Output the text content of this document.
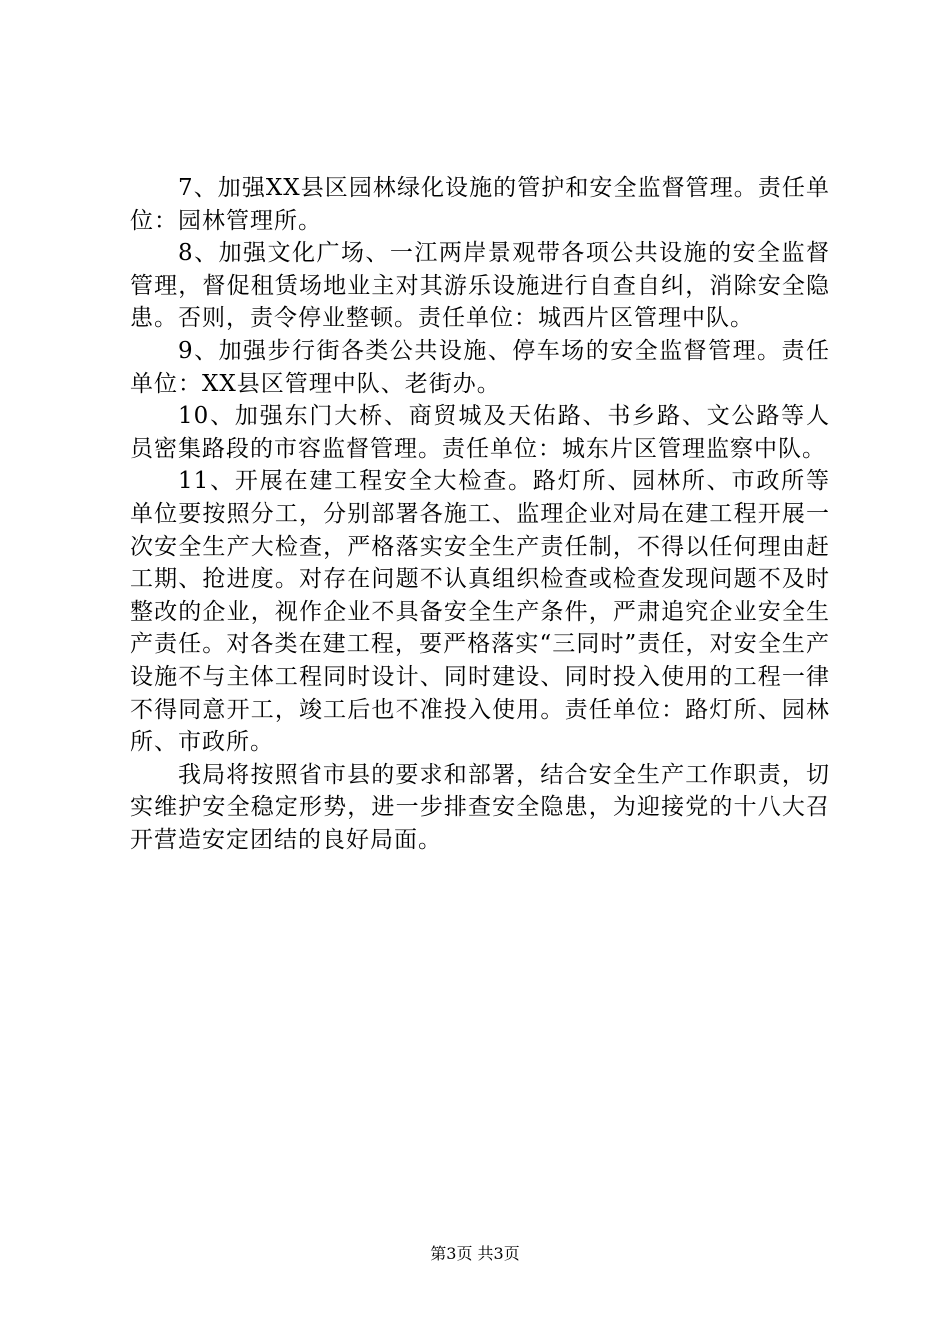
7、加强XX县区园林绿化设施的管护和安全监督管理。责任单位：园林管理所。

8、加强文化广场、一江两岸景观带各项公共设施的安全监督管理，督促租赁场地业主对其游乐设施进行自查自纠，消除安全隐患。否则，责令停业整顿。责任单位：城西片区管理中队。

9、加强步行街各类公共设施、停车场的安全监督管理。责任单位：XX县区管理中队、老街办。

10、加强东门大桥、商贸城及天佑路、书乡路、文公路等人员密集路段的市容监督管理。责任单位：城东片区管理监察中队。

11、开展在建工程安全大检查。路灯所、园林所、市政所等单位要按照分工，分别部署各施工、监理企业对局在建工程开展一次安全生产大检查，严格落实安全生产责任制，不得以任何理由赶工期、抢进度。对存在问题不认真组织检查或检查发现问题不及时整改的企业，视作企业不具备安全生产条件，严肃追究企业安全生产责任。对各类在建工程，要严格落实“三同时”责任，对安全生产设施不与主体工程同时设计、同时建设、同时投入使用的工程一律不得同意开工，竣工后也不准投入使用。责任单位：路灯所、园林所、市政所。

我局将按照省市县的要求和部署，结合安全生产工作职责，切实维护安全稳定形势，进一步排查安全隐患，为迎接党的十八大召开营造安定团结的良好局面。

第3页 共3页
